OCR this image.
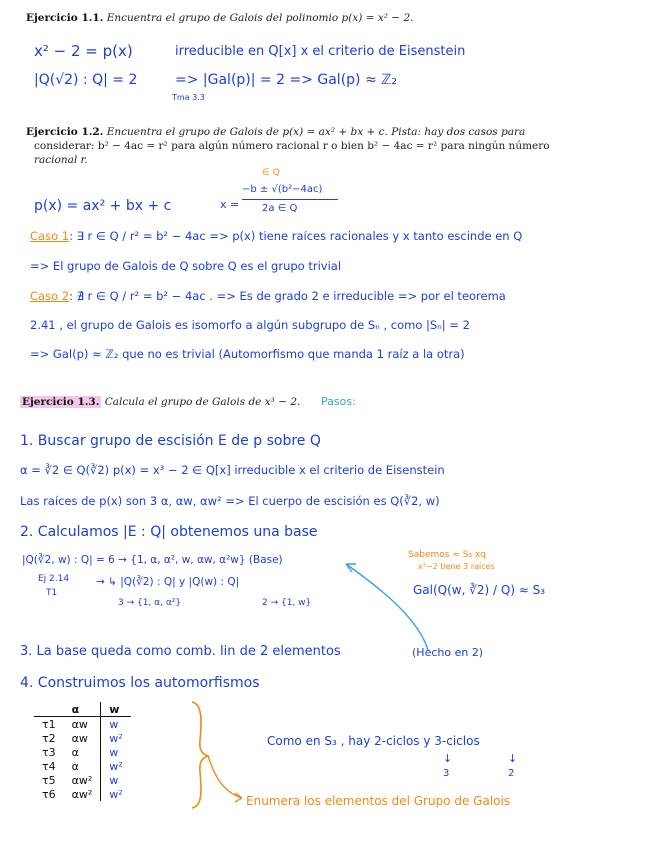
Ejercicio 1.1. Encuentra el grupo de Galois del polinomio p(x) = x² − 2.
x² − 2 = p(x)	irreducible en Q[x] x el criterio de Eisenstein
|Q(√2) : Q| = 2	=> |Gal(p)| = 2 => Gal(p) ≈ ℤ₂
Tma 3.3
Ejercicio 1.2. Encuentra el grupo de Galois de p(x) = ax² + bx + c. Pista: hay dos casos para
considerar: b² − 4ac = r² para algún número racional r o bien b² − 4ac = r² para ningún número
racional r.
∈ Q
p(x) = ax² + bx + c	x =
−b ± √(b²−4ac)
2a ∈ Q
Caso 1: ∃ r ∈ Q / r² = b² − 4ac => p(x) tiene raíces racionales y x tanto escinde en Q
=> El grupo de Galois de Q sobre Q es el grupo trivial
Caso 2: ∄ r ∈ Q / r² = b² − 4ac . => Es de grado 2 e irreducible => por el teorema
2.41 , el grupo de Galois es isomorfo a algún subgrupo de Sₙ , como |Sₙ| = 2
=> Gal(p) ≈ ℤ₂ que no es trivial (Automorfismo que manda 1 raíz a la otra)
Ejercicio 1.3. Calcula el grupo de Galois de x³ − 2. Pasos:
1. Buscar grupo de escisión E de p sobre Q
α = ∛2 ∈ Q(∛2) p(x) = x³ − 2 ∈ Q[x] irreducible x el criterio de Eisenstein
Las raíces de p(x) son 3 α, αw, αw² => El cuerpo de escisión es Q(∛2, w)
2. Calculamos |E : Q| obtenemos una base
|Q(∛2, w) : Q| = 6 → {1, α, α², w, αw, α²w} (Base)
Ej 2.14
T1
→ ↳ |Q(∛2) : Q| y |Q(w) : Q|
3 → {1, α, α²}	2 → {1, w}
Sabemos ≈ S₃ xq
x³−2 tiene 3 raíces
Gal(Q(w, ∛2) / Q) ≈ S₃
3. La base queda como comb. lin de 2 elementos	(Hecho en 2)
4. Construimos los automorfismos
	α	w
τ1	αw	w
τ2	αw	w²
τ3	α	w
τ4	α	w²
τ5	αw²	w
τ6	αw²	w²
Como en S₃ , hay 2-ciclos y 3-ciclos
↓	↓
3	2
Enumera los elementos del Grupo de Galois
